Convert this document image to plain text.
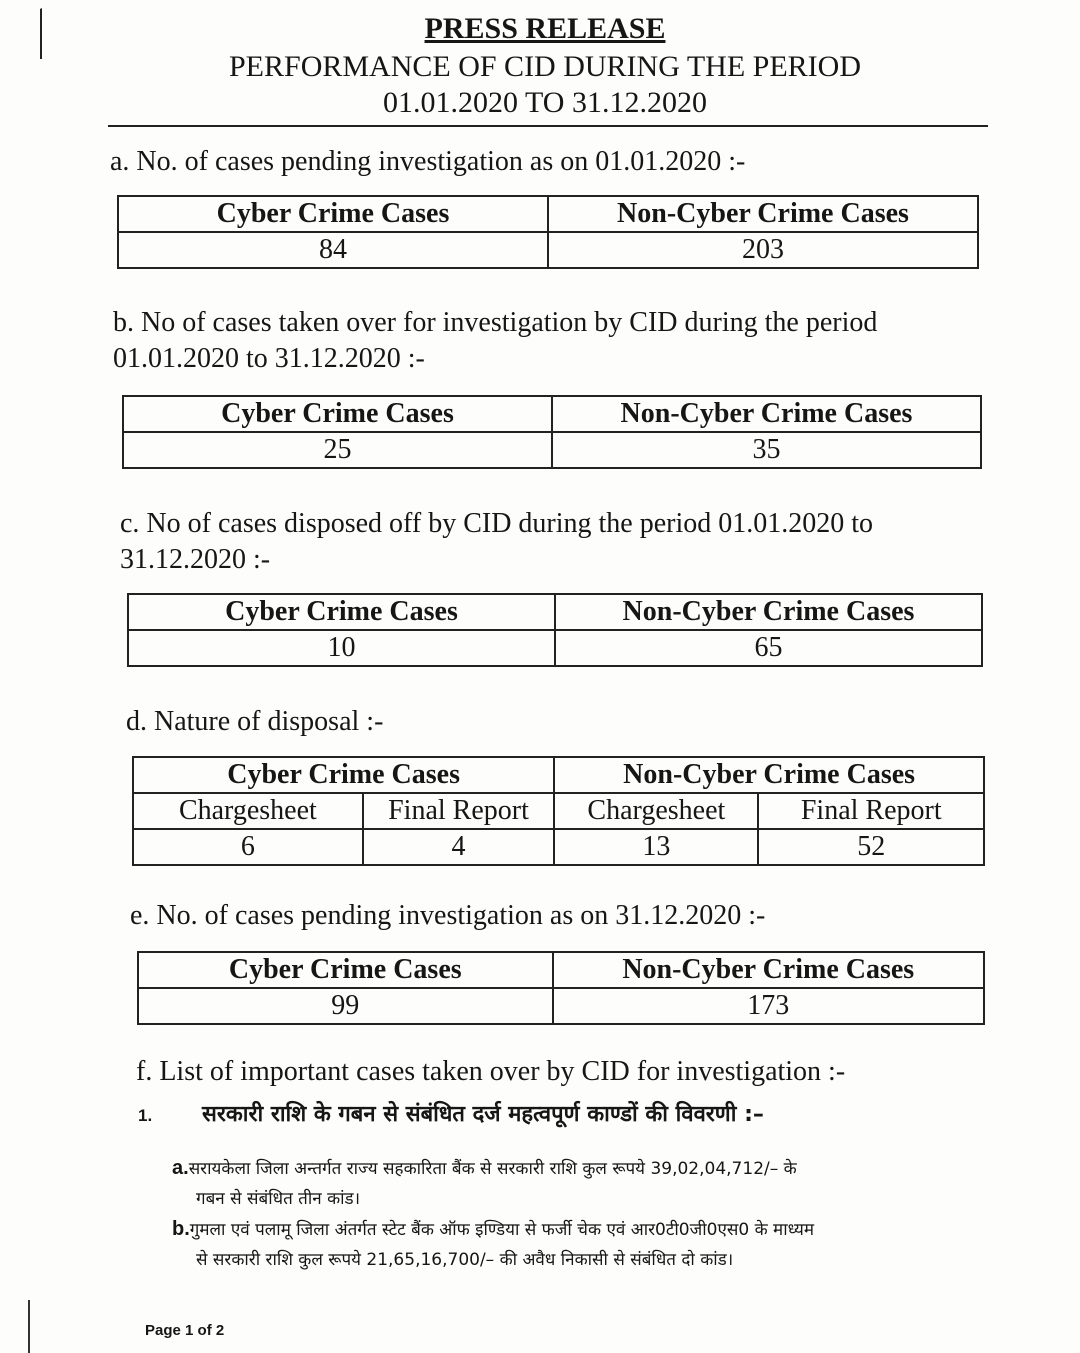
PRESS RELEASE
PERFORMANCE OF CID DURING THE PERIOD
01.01.2020 TO 31.12.2020
a. No. of cases pending investigation as on 01.01.2020 :-
Cyber Crime Cases	Non-Cyber Crime Cases
84	203
b. No of cases taken over for investigation by CID during the period
01.01.2020 to 31.12.2020 :-
Cyber Crime Cases	Non-Cyber Crime Cases
25	35
c. No of cases disposed off by CID during the period 01.01.2020 to
31.12.2020 :-
Cyber Crime Cases	Non-Cyber Crime Cases
10	65
d. Nature of disposal :-
Cyber Crime Cases		Non-Cyber Crime Cases	
Chargesheet	Final Report	Chargesheet	Final Report
6	4	13	52
e. No. of cases pending investigation as on 31.12.2020 :-
Cyber Crime Cases	Non-Cyber Crime Cases
99	173
f. List of important cases taken over by CID for investigation :-
1. सरकारी राशि के गबन से संबंधित दर्ज महत्वपूर्ण काण्डों की विवरणी :–
a.सरायकेला जिला अन्तर्गत राज्य सहकारिता बैंक से सरकारी राशि कुल रूपये 39,02,04,712/– के
गबन से संबंधित तीन कांड।
b.गुमला एवं पलामू जिला अंतर्गत स्टेट बैंक ऑफ इण्डिया से फर्जी चेक एवं आर0टी0जी0एस0 के माध्यम
से सरकारी राशि कुल रूपये 21,65,16,700/– की अवैध निकासी से संबंधित दो कांड।
Page 1 of 2
